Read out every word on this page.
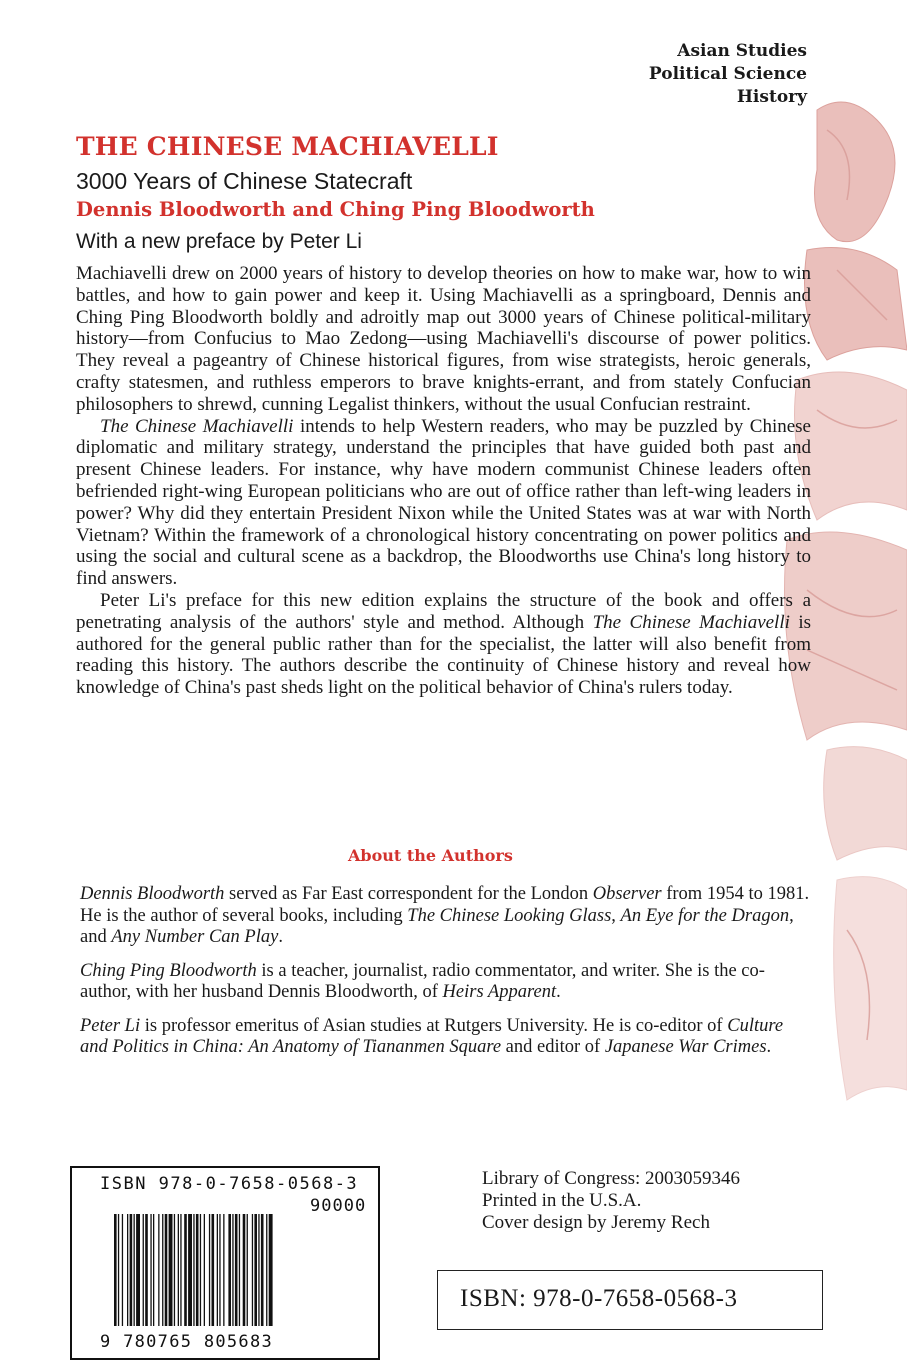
Asian Studies
Political Science
History
THE CHINESE MACHIAVELLI
3000 Years of Chinese Statecraft
Dennis Bloodworth and Ching Ping Bloodworth
With a new preface by Peter Li

Machiavelli drew on 2000 years of history to develop theories on how to make war, how to win battles, and how to gain power and keep it. Using Machiavelli as a springboard, Dennis and Ching Ping Bloodworth boldly and adroitly map out 3000 years of Chinese political-military history—from Confucius to Mao Zedong—using Machiavelli's discourse of power politics. They reveal a pageantry of Chinese historical figures, from wise strategists, heroic generals, crafty statesmen, and ruthless emperors to brave knights-errant, and from stately Confucian philosophers to shrewd, cunning Legalist thinkers, without the usual Confucian restraint.

The Chinese Machiavelli intends to help Western readers, who may be puzzled by Chinese diplomatic and military strategy, understand the principles that have guided both past and present Chinese leaders. For instance, why have modern communist Chinese leaders often befriended right-wing European politicians who are out of office rather than left-wing leaders in power? Why did they entertain President Nixon while the United States was at war with North Vietnam? Within the framework of a chronological history concentrating on power politics and using the social and cultural scene as a backdrop, the Bloodworths use China's long history to find answers.

Peter Li's preface for this new edition explains the structure of the book and offers a penetrating analysis of the authors' style and method. Although The Chinese Machiavelli is authored for the general public rather than for the specialist, the latter will also benefit from reading this history. The authors describe the continuity of Chinese history and reveal how knowledge of China's past sheds light on the political behavior of China's rulers today.

About the Authors

Dennis Bloodworth served as Far East correspondent for the London Observer from 1954 to 1981. He is the author of several books, including The Chinese Looking Glass, An Eye for the Dragon, and Any Number Can Play.

Ching Ping Bloodworth is a teacher, journalist, radio commentator, and writer. She is the co-author, with her husband Dennis Bloodworth, of Heirs Apparent.

Peter Li is professor emeritus of Asian studies at Rutgers University. He is co-editor of Culture and Politics in China: An Anatomy of Tiananmen Square and editor of Japanese War Crimes.

ISBN 978-0-7658-0568-3
90000
9 780765 805683
Library of Congress: 2003059346
Printed in the U.S.A.
Cover design by Jeremy Rech
ISBN: 978-0-7658-0568-3
